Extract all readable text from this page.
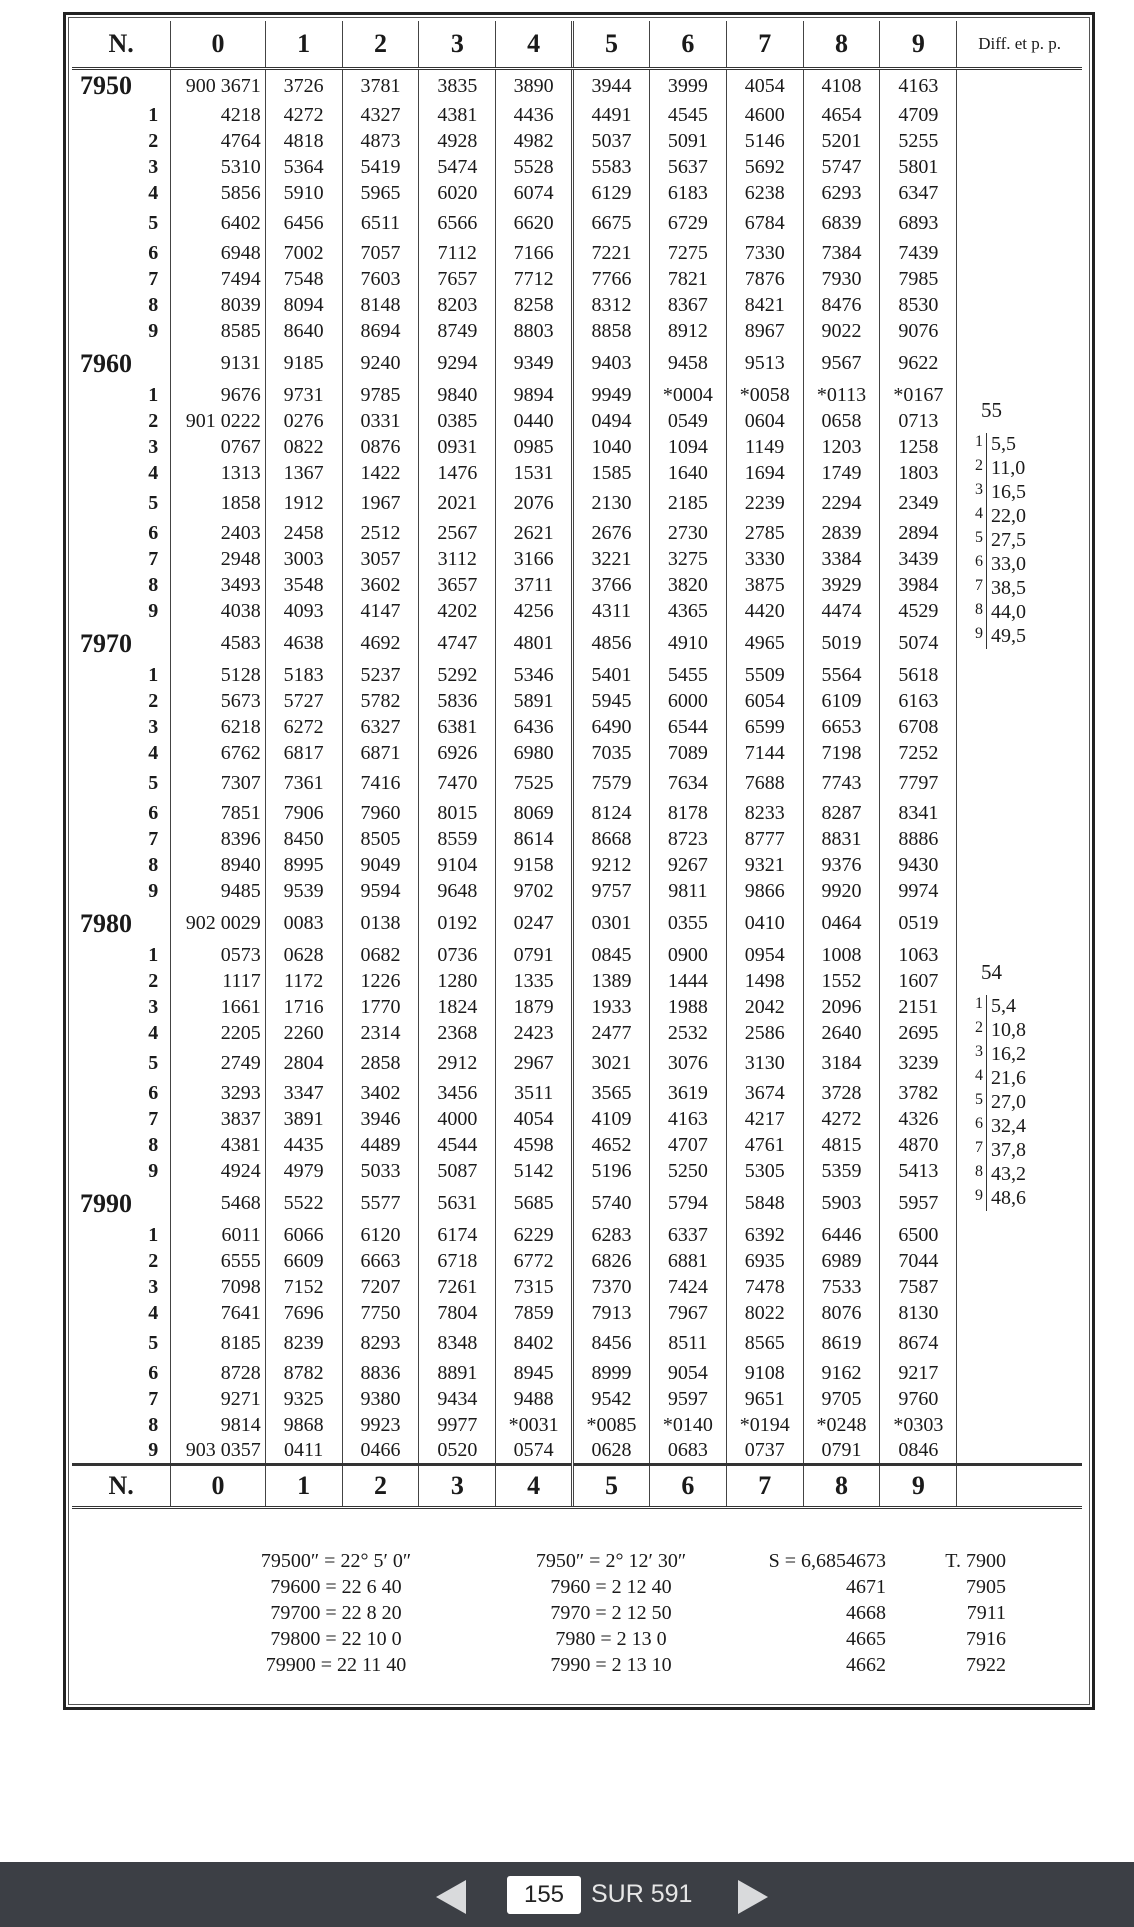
N.	0	1	2	3	4	5	6	7	8	9	Diff. et p. p.
7950	900 3671	3726	3781	3835	3890	3944	3999	4054	4108	4163	
1	4218	4272	4327	4381	4436	4491	4545	4600	4654	4709	
2	4764	4818	4873	4928	4982	5037	5091	5146	5201	5255	
3	5310	5364	5419	5474	5528	5583	5637	5692	5747	5801	
4	5856	5910	5965	6020	6074	6129	6183	6238	6293	6347	
5	6402	6456	6511	6566	6620	6675	6729	6784	6839	6893	
6	6948	7002	7057	7112	7166	7221	7275	7330	7384	7439	
7	7494	7548	7603	7657	7712	7766	7821	7876	7930	7985	
8	8039	8094	8148	8203	8258	8312	8367	8421	8476	8530	
9	8585	8640	8694	8749	8803	8858	8912	8967	9022	9076	
7960	9131	9185	9240	9294	9349	9403	9458	9513	9567	9622	
1	9676	9731	9785	9840	9894	9949	*0004	*0058	*0113	*0167	
2	901 0222	0276	0331	0385	0440	0494	0549	0604	0658	0713	
3	0767	0822	0876	0931	0985	1040	1094	1149	1203	1258	
4	1313	1367	1422	1476	1531	1585	1640	1694	1749	1803	
5	1858	1912	1967	2021	2076	2130	2185	2239	2294	2349	
6	2403	2458	2512	2567	2621	2676	2730	2785	2839	2894	
7	2948	3003	3057	3112	3166	3221	3275	3330	3384	3439	
8	3493	3548	3602	3657	3711	3766	3820	3875	3929	3984	
9	4038	4093	4147	4202	4256	4311	4365	4420	4474	4529	
7970	4583	4638	4692	4747	4801	4856	4910	4965	5019	5074	
1	5128	5183	5237	5292	5346	5401	5455	5509	5564	5618	
2	5673	5727	5782	5836	5891	5945	6000	6054	6109	6163	
3	6218	6272	6327	6381	6436	6490	6544	6599	6653	6708	
4	6762	6817	6871	6926	6980	7035	7089	7144	7198	7252	
5	7307	7361	7416	7470	7525	7579	7634	7688	7743	7797	
6	7851	7906	7960	8015	8069	8124	8178	8233	8287	8341	
7	8396	8450	8505	8559	8614	8668	8723	8777	8831	8886	
8	8940	8995	9049	9104	9158	9212	9267	9321	9376	9430	
9	9485	9539	9594	9648	9702	9757	9811	9866	9920	9974	
7980	902 0029	0083	0138	0192	0247	0301	0355	0410	0464	0519	
1	0573	0628	0682	0736	0791	0845	0900	0954	1008	1063	
2	1117	1172	1226	1280	1335	1389	1444	1498	1552	1607	
3	1661	1716	1770	1824	1879	1933	1988	2042	2096	2151	
4	2205	2260	2314	2368	2423	2477	2532	2586	2640	2695	
5	2749	2804	2858	2912	2967	3021	3076	3130	3184	3239	
6	3293	3347	3402	3456	3511	3565	3619	3674	3728	3782	
7	3837	3891	3946	4000	4054	4109	4163	4217	4272	4326	
8	4381	4435	4489	4544	4598	4652	4707	4761	4815	4870	
9	4924	4979	5033	5087	5142	5196	5250	5305	5359	5413	
7990	5468	5522	5577	5631	5685	5740	5794	5848	5903	5957	
1	6011	6066	6120	6174	6229	6283	6337	6392	6446	6500	
2	6555	6609	6663	6718	6772	6826	6881	6935	6989	7044	
3	7098	7152	7207	7261	7315	7370	7424	7478	7533	7587	
4	7641	7696	7750	7804	7859	7913	7967	8022	8076	8130	
5	8185	8239	8293	8348	8402	8456	8511	8565	8619	8674	
6	8728	8782	8836	8891	8945	8999	9054	9108	9162	9217	
7	9271	9325	9380	9434	9488	9542	9597	9651	9705	9760	
8	9814	9868	9923	9977	*0031	*0085	*0140	*0194	*0248	*0303	
9	903 0357	0411	0466	0520	0574	0628	0683	0737	0791	0846	
N.	0	1	2	3	4	5	6	7	8	9	
55
1 5,5
2 11,0
3 16,5
4 22,0
5 27,5
6 33,0
7 38,5
8 44,0
9 49,5
54
1 5,4
2 10,8
3 16,2
4 21,6
5 27,0
6 32,4
7 37,8
8 43,2
9 48,6
79500″ = 22° 5′ 0″	7950″ = 2° 12′ 30″	S = 6,6854673	T. 7900
79600 = 22 6 40	7960 = 2 12 40	4671	7905
79700 = 22 8 20	7970 = 2 12 50	4668	7911
79800 = 22 10 0	7980 = 2 13 0	4665	7916
79900 = 22 11 40	7990 = 2 13 10	4662	7922
155
SUR 591
